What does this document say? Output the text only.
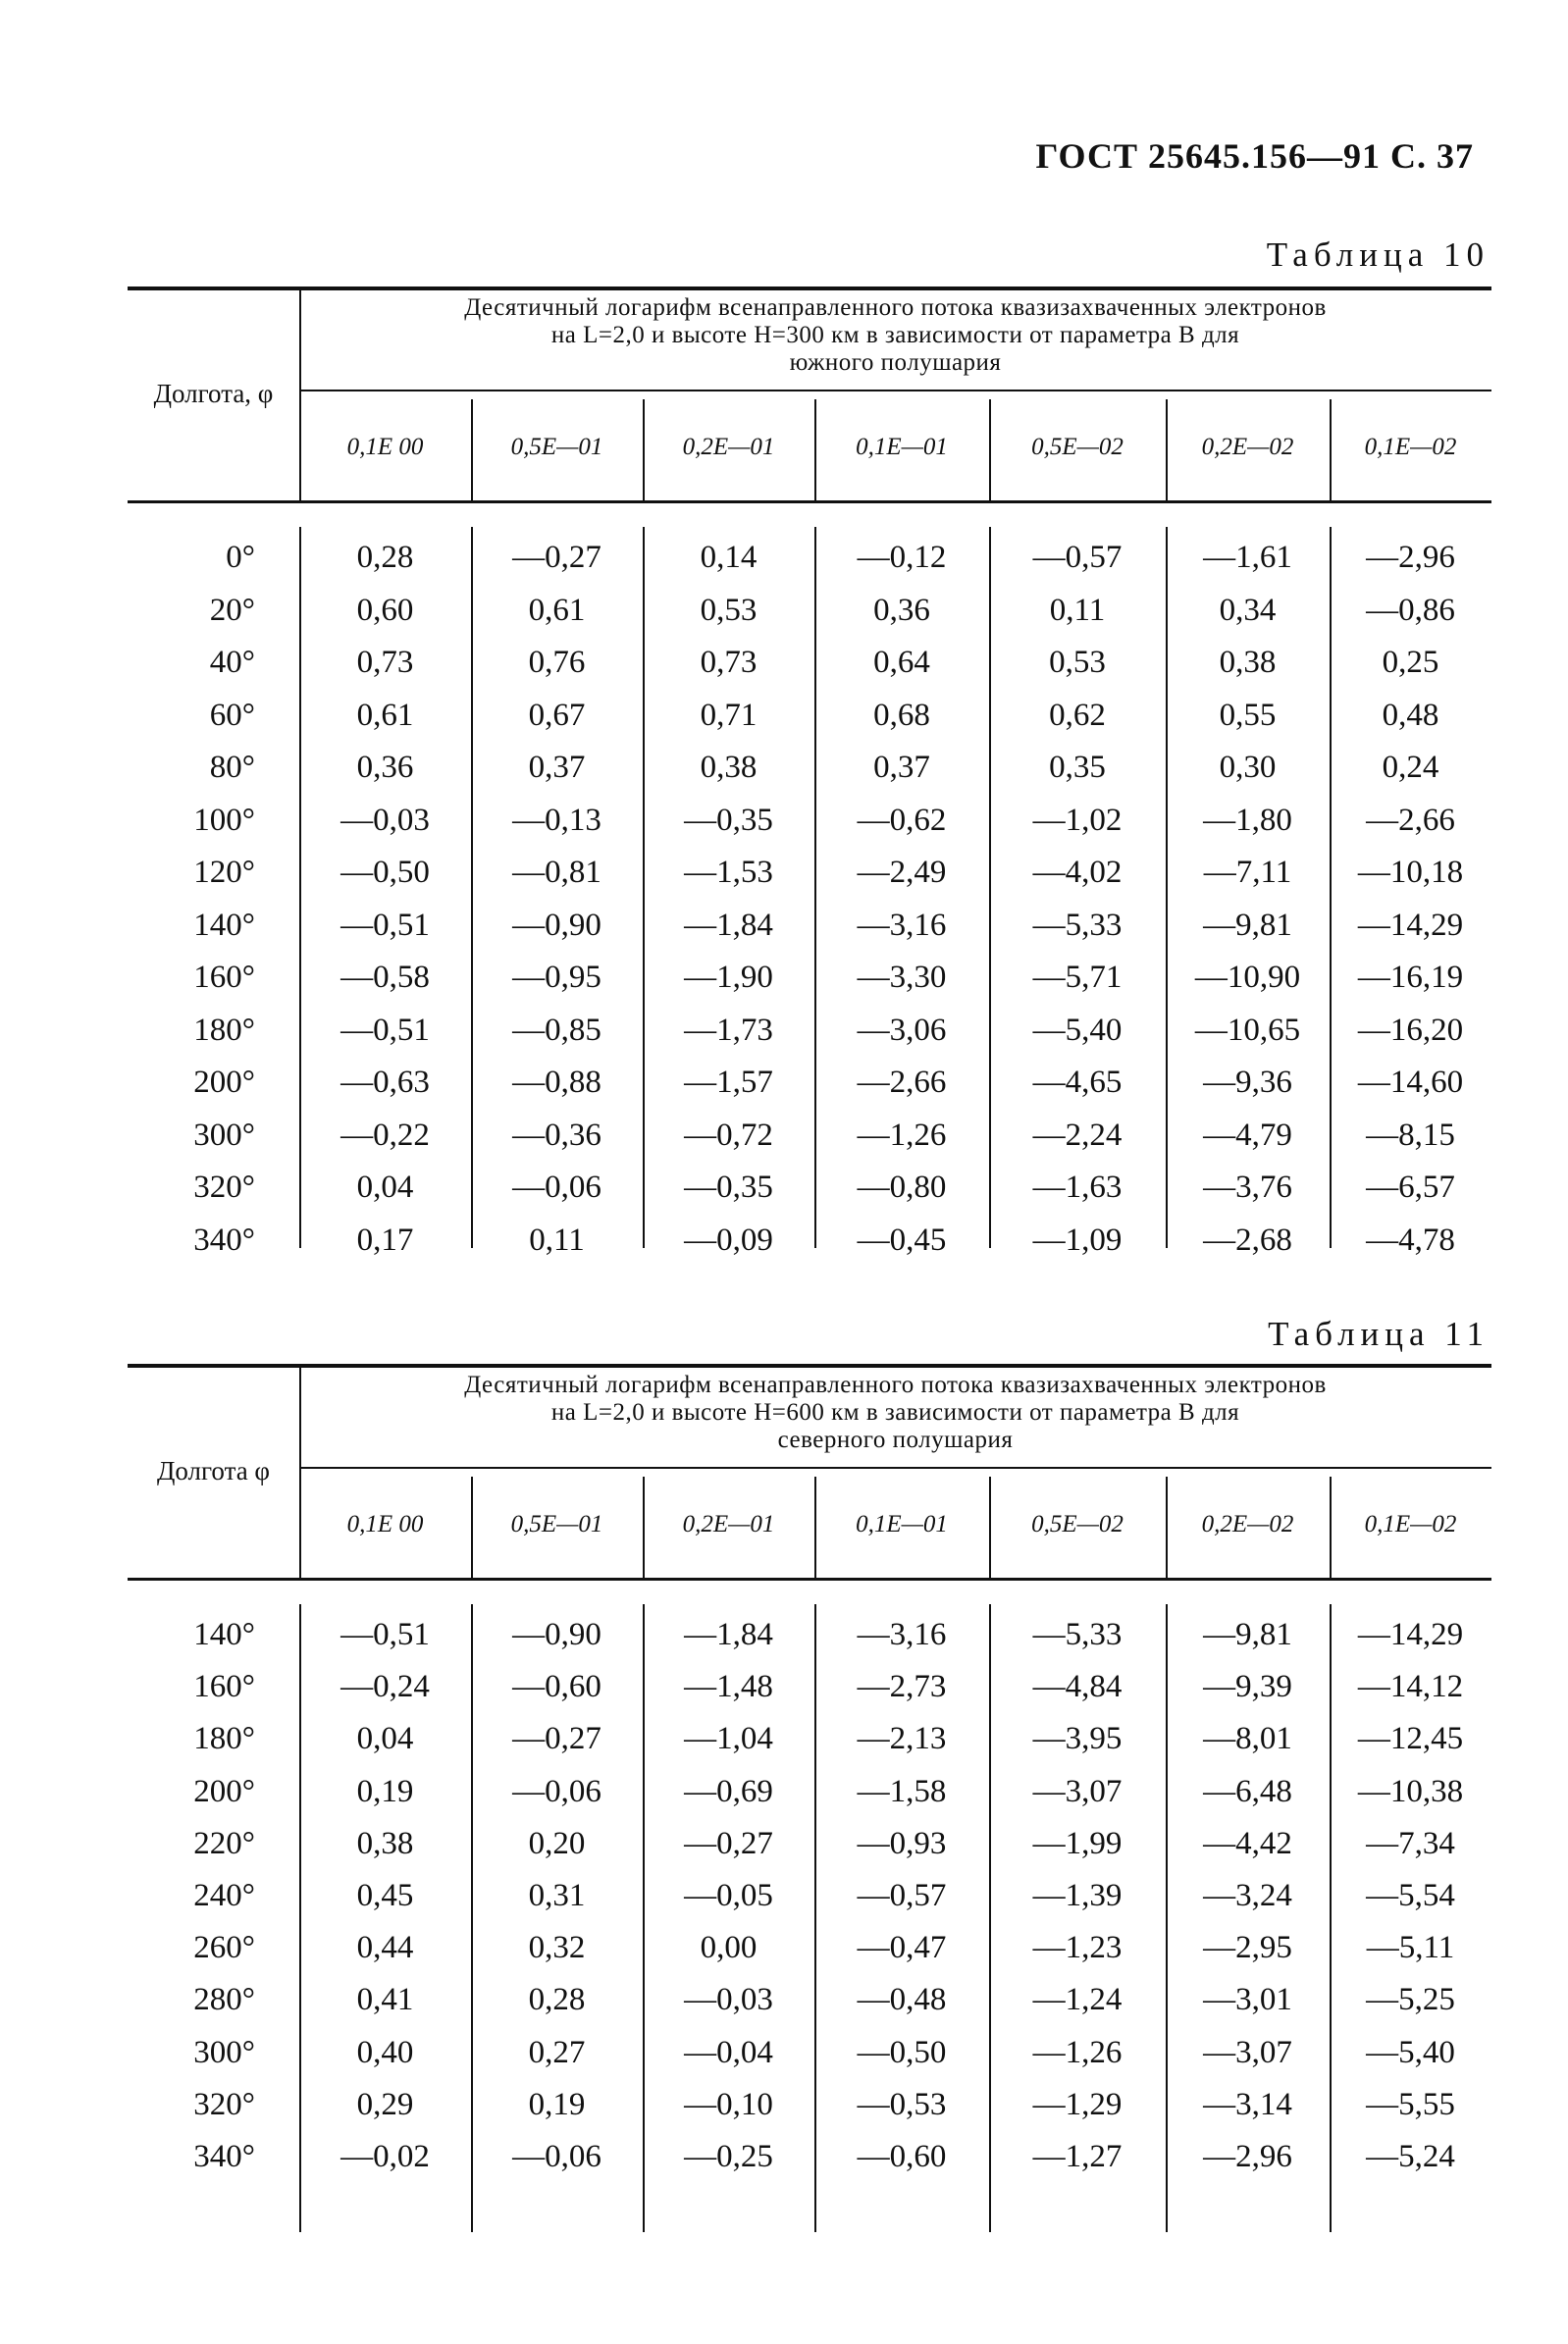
ГОСТ 25645.156—91 С. 37
Таблица 10
Долгота, φ
Десятичный логарифм всенаправленного потока квазизахваченных электронов
на L=2,0 и высоте H=300 км в зависимости от параметра B для
южного полушария
0,1E 00	0,5E—01	0,2E—01	0,1E—01	0,5E—02	0,2E—02	0,1E—02
0°	0,28	—0,27	0,14	—0,12	—0,57	—1,61	—2,96
20°	0,60	0,61	0,53	0,36	0,11	0,34	—0,86
40°	0,73	0,76	0,73	0,64	0,53	0,38	0,25
60°	0,61	0,67	0,71	0,68	0,62	0,55	0,48
80°	0,36	0,37	0,38	0,37	0,35	0,30	0,24
100°	—0,03	—0,13	—0,35	—0,62	—1,02	—1,80	—2,66
120°	—0,50	—0,81	—1,53	—2,49	—4,02	—7,11	—10,18
140°	—0,51	—0,90	—1,84	—3,16	—5,33	—9,81	—14,29
160°	—0,58	—0,95	—1,90	—3,30	—5,71	—10,90	—16,19
180°	—0,51	—0,85	—1,73	—3,06	—5,40	—10,65	—16,20
200°	—0,63	—0,88	—1,57	—2,66	—4,65	—9,36	—14,60
300°	—0,22	—0,36	—0,72	—1,26	—2,24	—4,79	—8,15
320°	0,04	—0,06	—0,35	—0,80	—1,63	—3,76	—6,57
340°	0,17	0,11	—0,09	—0,45	—1,09	—2,68	—4,78
Таблица 11
Долгота φ
Десятичный логарифм всенаправленного потока квазизахваченных электронов
на L=2,0 и высоте H=600 км в зависимости от параметра B для
северного полушария
0,1E 00	0,5E—01	0,2E—01	0,1E—01	0,5E—02	0,2E—02	0,1E—02
140°	—0,51	—0,90	—1,84	—3,16	—5,33	—9,81	—14,29
160°	—0,24	—0,60	—1,48	—2,73	—4,84	—9,39	—14,12
180°	0,04	—0,27	—1,04	—2,13	—3,95	—8,01	—12,45
200°	0,19	—0,06	—0,69	—1,58	—3,07	—6,48	—10,38
220°	0,38	0,20	—0,27	—0,93	—1,99	—4,42	—7,34
240°	0,45	0,31	—0,05	—0,57	—1,39	—3,24	—5,54
260°	0,44	0,32	0,00	—0,47	—1,23	—2,95	—5,11
280°	0,41	0,28	—0,03	—0,48	—1,24	—3,01	—5,25
300°	0,40	0,27	—0,04	—0,50	—1,26	—3,07	—5,40
320°	0,29	0,19	—0,10	—0,53	—1,29	—3,14	—5,55
340°	—0,02	—0,06	—0,25	—0,60	—1,27	—2,96	—5,24
